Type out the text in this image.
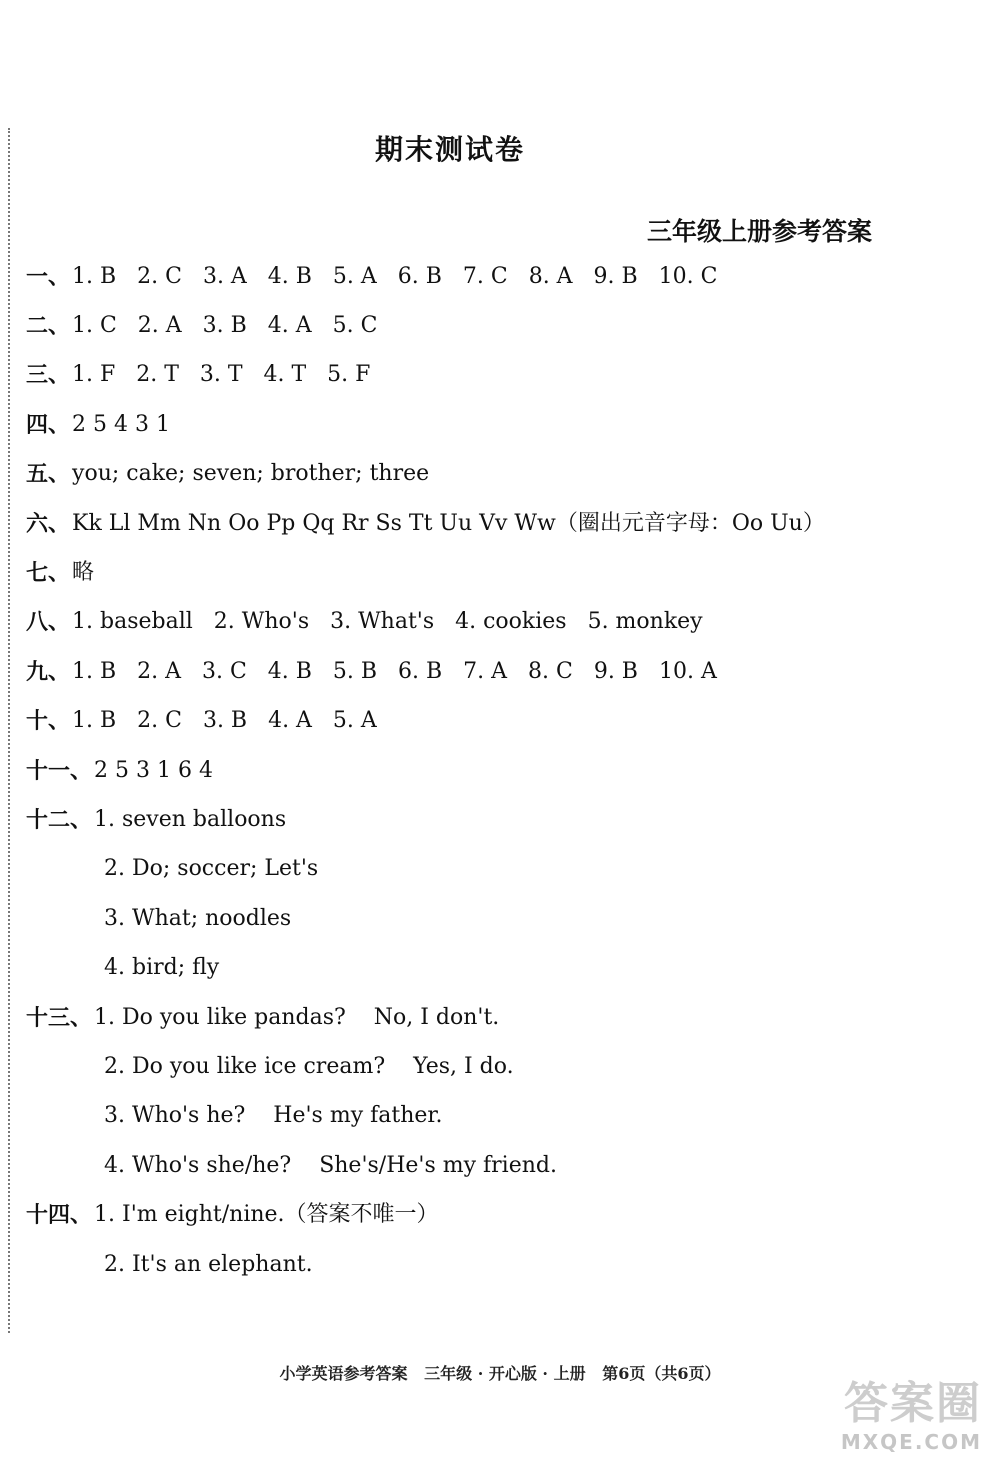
期末测试卷
三年级上册参考答案
一、 1. B   2. C   3. A   4. B   5. A   6. B   7. C   8. A   9. B   10. C
二、 1. C   2. A   3. B   4. A   5. C
三、 1. F   2. T   3. T   4. T   5. F
四、 2 5 4 3 1
五、 you; cake; seven; brother; three
六、 Kk Ll Mm Nn Oo Pp Qq Rr Ss Tt Uu Vv Ww（圈出元音字母：Oo Uu）
七、 略
八、 1. baseball   2. Who's   3. What's   4. cookies   5. monkey
九、 1. B   2. A   3. C   4. B   5. B   6. B   7. A   8. C   9. B   10. A
十、 1. B   2. C   3. B   4. A   5. A
十一、 2 5 3 1 6 4
十二、 1. seven balloons
2. Do; soccer; Let's
3. What; noodles
4. bird; fly
十三、 1. Do you like pandas?    No, I don't.
2. Do you like ice cream?    Yes, I do.
3. Who's he?    He's my father.
4. Who's she/he?    She's/He's my friend.
十四、 1. I'm eight/nine.（答案不唯一）
2. It's an elephant.
小学英语参考答案   三年级 · 开心版 · 上册   第6页（共6页）
答案圈
MXQE.COM
